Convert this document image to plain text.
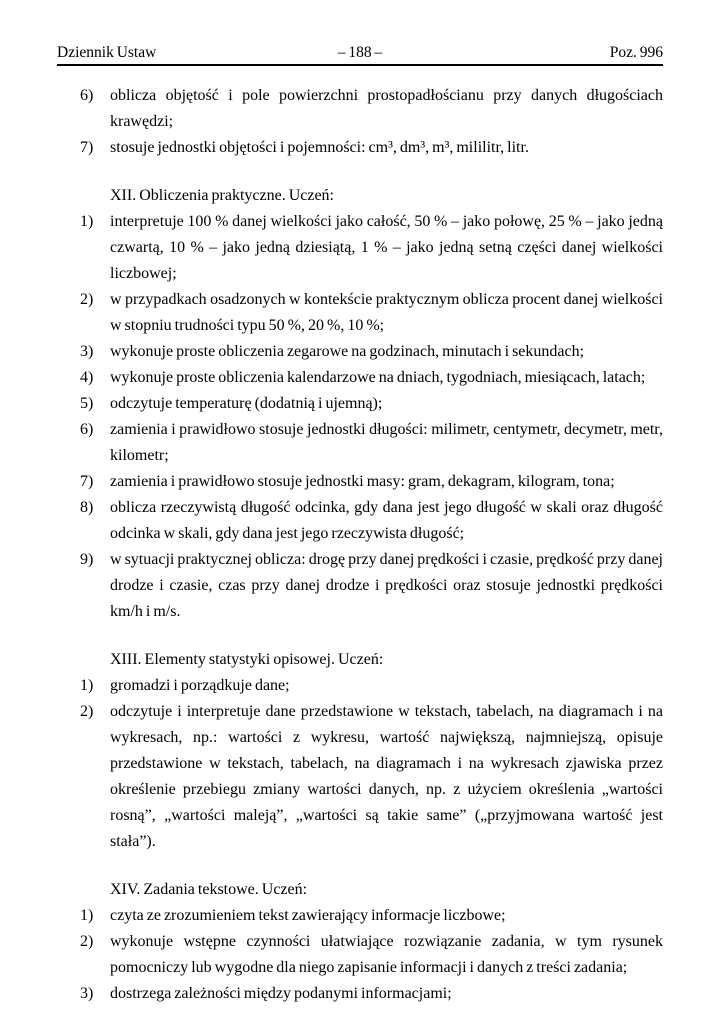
Dziennik Ustaw	– 188 –	Poz. 996
6)	oblicza objętość i pole powierzchni prostopadłościanu przy danych długościach krawędzi;
7)	stosuje jednostki objętości i pojemności: cm³, dm³, m³, mililitr, litr.

XII. Obliczenia praktyczne. Uczeń:

1)	interpretuje 100 % danej wielkości jako całość, 50 % – jako połowę, 25 % – jako jedną czwartą, 10 % – jako jedną dziesiątą, 1 % – jako jedną setną części danej wielkości liczbowej;
2)	w przypadkach osadzonych w kontekście praktycznym oblicza procent danej wielkości w stopniu trudności typu 50 %, 20 %, 10 %;
3)	wykonuje proste obliczenia zegarowe na godzinach, minutach i sekundach;
4)	wykonuje proste obliczenia kalendarzowe na dniach, tygodniach, miesiącach, latach;
5)	odczytuje temperaturę (dodatnią i ujemną);
6)	zamienia i prawidłowo stosuje jednostki długości: milimetr, centymetr, decymetr, metr, kilometr;
7)	zamienia i prawidłowo stosuje jednostki masy: gram, dekagram, kilogram, tona;
8)	oblicza rzeczywistą długość odcinka, gdy dana jest jego długość w skali oraz długość odcinka w skali, gdy dana jest jego rzeczywista długość;
9)	w sytuacji praktycznej oblicza: drogę przy danej prędkości i czasie, prędkość przy danej drodze i czasie, czas przy danej drodze i prędkości oraz stosuje jednostki prędkości km/h i m/s.

XIII. Elementy statystyki opisowej. Uczeń:

1)	gromadzi i porządkuje dane;
2)	odczytuje i interpretuje dane przedstawione w tekstach, tabelach, na diagramach i na wykresach, np.: wartości z wykresu, wartość największą, najmniejszą, opisuje przedstawione w tekstach, tabelach, na diagramach i na wykresach zjawiska przez określenie przebiegu zmiany wartości danych, np. z użyciem określenia „wartości rosną”, „wartości maleją”, „wartości są takie same” („przyjmowana wartość jest stała”).

XIV. Zadania tekstowe. Uczeń:

1)	czyta ze zrozumieniem tekst zawierający informacje liczbowe;
2)	wykonuje wstępne czynności ułatwiające rozwiązanie zadania, w tym rysunek pomocniczy lub wygodne dla niego zapisanie informacji i danych z treści zadania;
3)	dostrzega zależności między podanymi informacjami;
